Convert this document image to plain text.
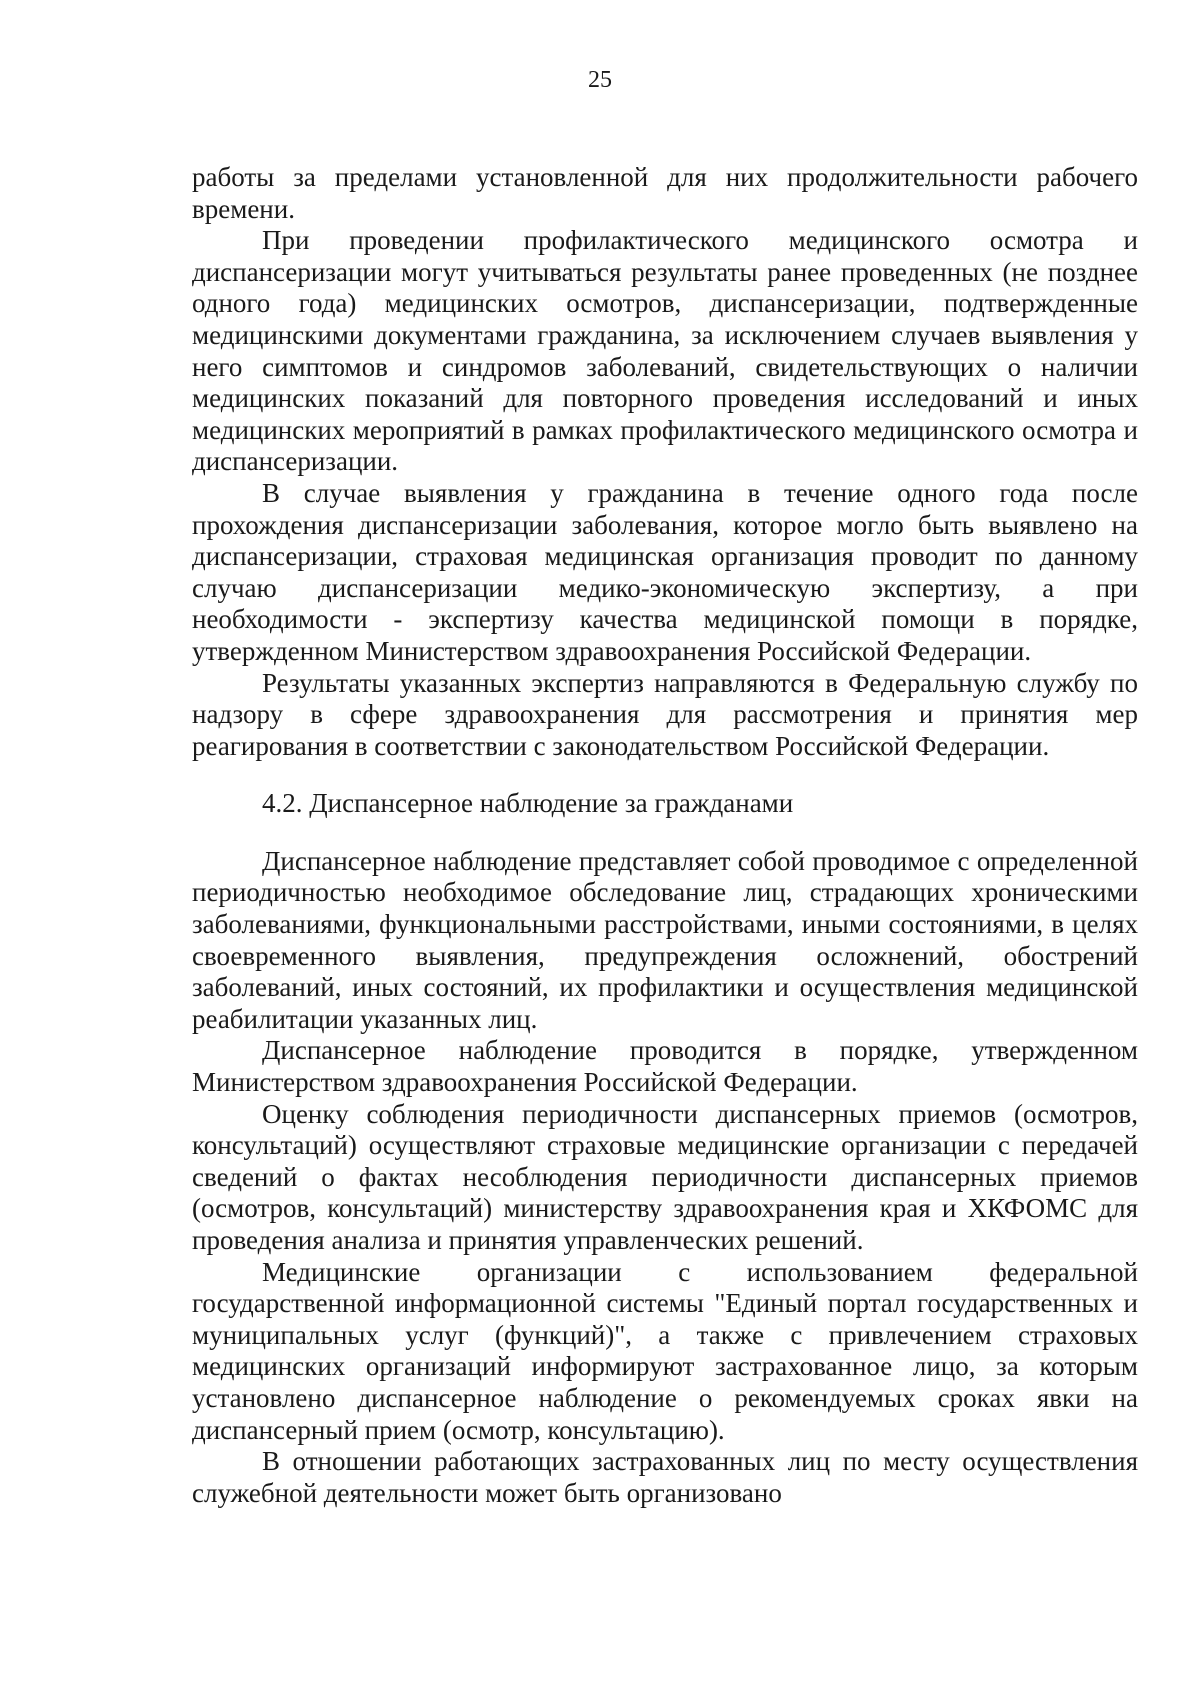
25

работы за пределами установленной для них продолжительности рабочего времени.

При проведении профилактического медицинского осмотра и диспансеризации могут учитываться результаты ранее проведенных (не позднее одного года) медицинских осмотров, диспансеризации, подтвержденные медицинскими документами гражданина, за исключением случаев выявления у него симптомов и синдромов заболеваний, свидетельствующих о наличии медицинских показаний для повторного проведения исследований и иных медицинских мероприятий в рамках профилактического медицинского осмотра и диспансеризации.

В случае выявления у гражданина в течение одного года после прохождения диспансеризации заболевания, которое могло быть выявлено на диспансеризации, страховая медицинская организация проводит по данному случаю диспансеризации медико-экономическую экспертизу, а при необходимости - экспертизу качества медицинской помощи в порядке, утвержденном Министерством здравоохранения Российской Федерации.

Результаты указанных экспертиз направляются в Федеральную службу по надзору в сфере здравоохранения для рассмотрения и принятия мер реагирования в соответствии с законодательством Российской Федерации.

4.2. Диспансерное наблюдение за гражданами

Диспансерное наблюдение представляет собой проводимое с определенной периодичностью необходимое обследование лиц, страдающих хроническими заболеваниями, функциональными расстройствами, иными состояниями, в целях своевременного выявления, предупреждения осложнений, обострений заболеваний, иных состояний, их профилактики и осуществления медицинской реабилитации указанных лиц.

Диспансерное наблюдение проводится в порядке, утвержденном Министерством здравоохранения Российской Федерации.

Оценку соблюдения периодичности диспансерных приемов (осмотров, консультаций) осуществляют страховые медицинские организации с передачей сведений о фактах несоблюдения периодичности диспансерных приемов (осмотров, консультаций) министерству здравоохранения края и ХКФОМС для проведения анализа и принятия управленческих решений.

Медицинские организации с использованием федеральной государственной информационной системы "Единый портал государственных и муниципальных услуг (функций)", а также с привлечением страховых медицинских организаций информируют застрахованное лицо, за которым установлено диспансерное наблюдение о рекомендуемых сроках явки на диспансерный прием (осмотр, консультацию).

В отношении работающих застрахованных лиц по месту осуществления служебной деятельности может быть организовано
